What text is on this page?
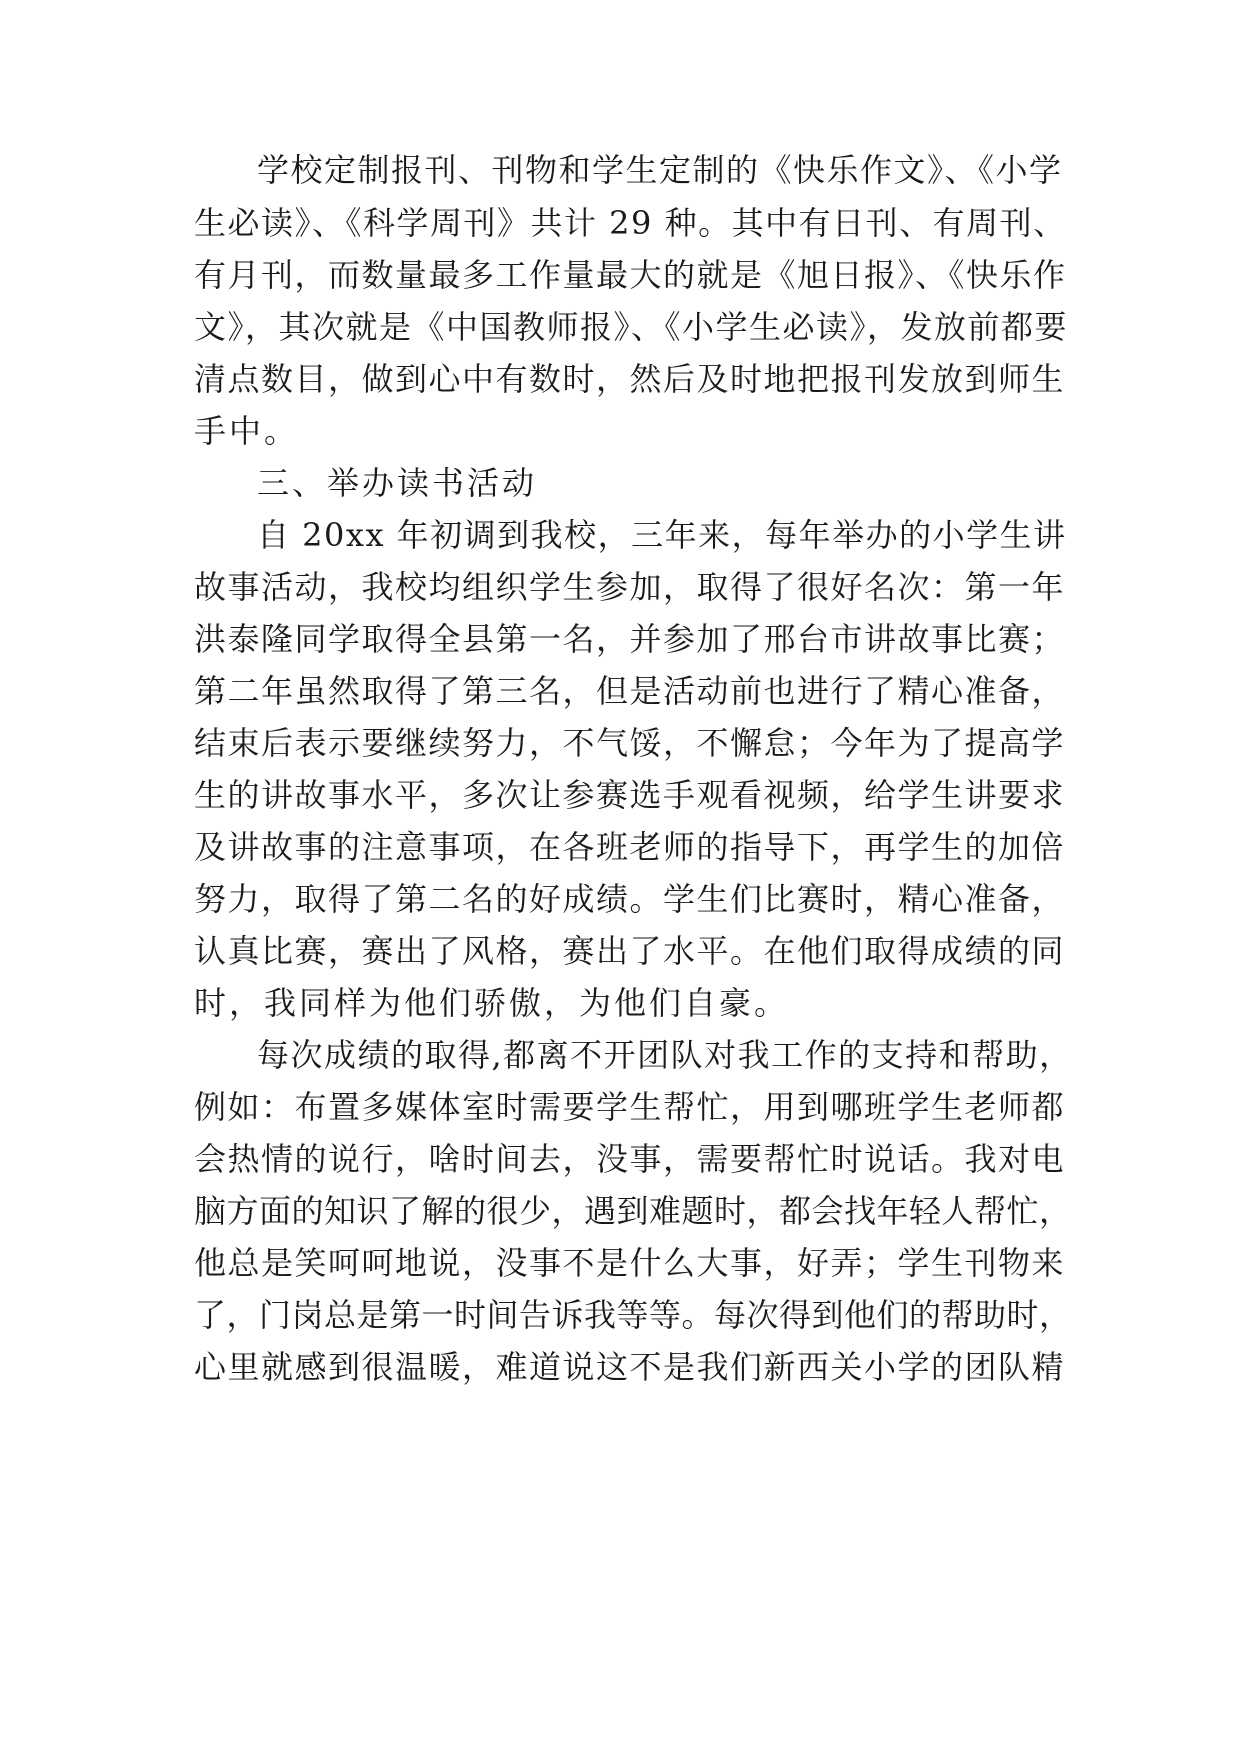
学校定制报刊、刊物和学生定制的《快乐作文》、《小学
生必读》、《科学周刊》共计 29 种。其中有日刊、有周刊、
有月刊，而数量最多工作量最大的就是《旭日报》、《快乐作
文》，其次就是《中国教师报》、《小学生必读》，发放前都要
清点数目，做到心中有数时，然后及时地把报刊发放到师生
手中。
三、举办读书活动
自 20xx 年初调到我校，三年来，每年举办的小学生讲
故事活动，我校均组织学生参加，取得了很好名次：第一年
洪泰隆同学取得全县第一名，并参加了邢台市讲故事比赛；
第二年虽然取得了第三名，但是活动前也进行了精心准备，
结束后表示要继续努力，不气馁，不懈怠；今年为了提高学
生的讲故事水平，多次让参赛选手观看视频，给学生讲要求
及讲故事的注意事项，在各班老师的指导下，再学生的加倍
努力，取得了第二名的好成绩。学生们比赛时，精心准备，
认真比赛，赛出了风格，赛出了水平。在他们取得成绩的同
时，我同样为他们骄傲，为他们自豪。
每次成绩的取得,都离不开团队对我工作的支持和帮助，
例如：布置多媒体室时需要学生帮忙，用到哪班学生老师都
会热情的说行，啥时间去，没事，需要帮忙时说话。我对电
脑方面的知识了解的很少，遇到难题时，都会找年轻人帮忙，
他总是笑呵呵地说，没事不是什么大事，好弄；学生刊物来
了，门岗总是第一时间告诉我等等。每次得到他们的帮助时，
心里就感到很温暖，难道说这不是我们新西关小学的团队精
